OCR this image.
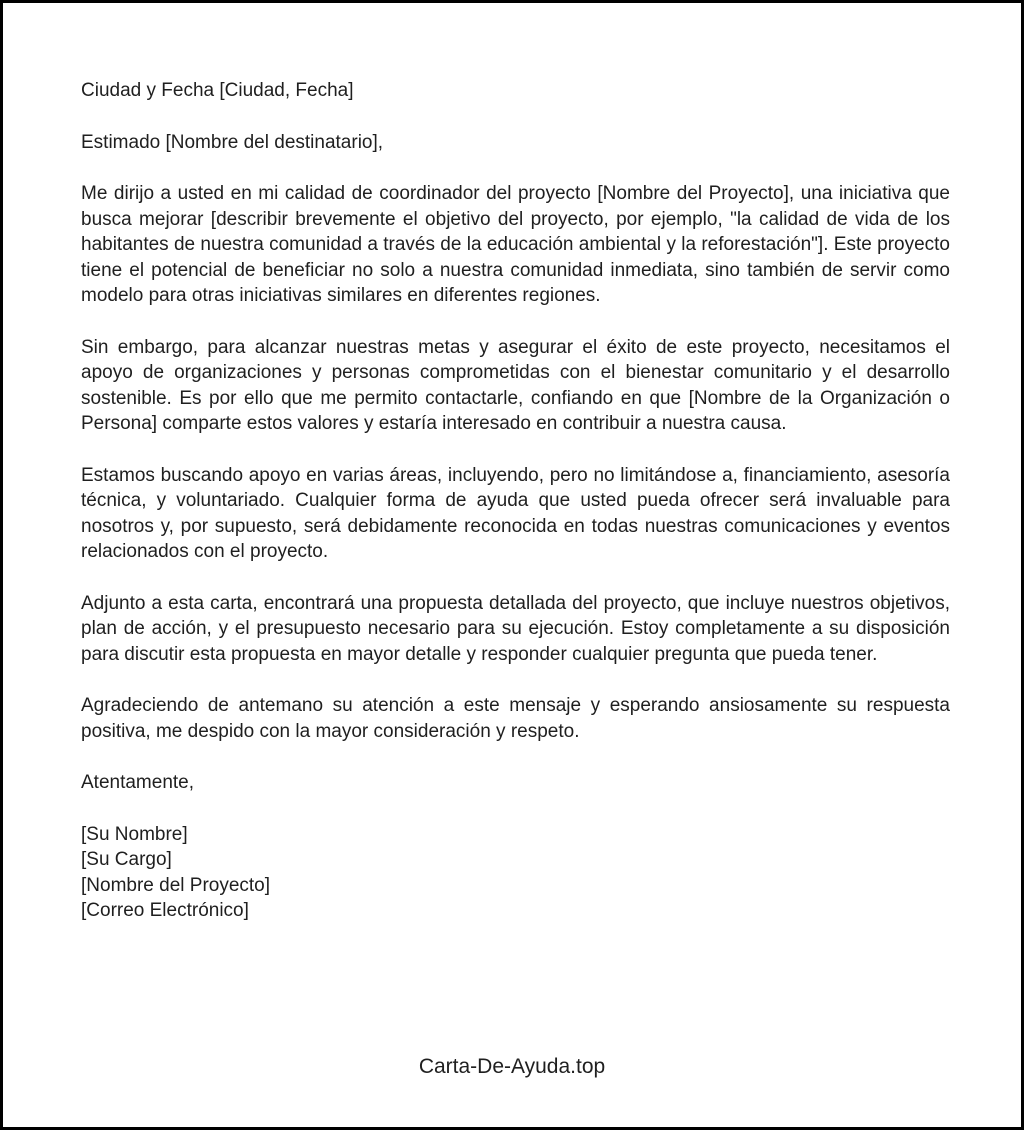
Ciudad y Fecha [Ciudad, Fecha]

Estimado [Nombre del destinatario],

Me dirijo a usted en mi calidad de coordinador del proyecto [Nombre del Proyecto], una iniciativa que busca mejorar [describir brevemente el objetivo del proyecto, por ejemplo, "la calidad de vida de los habitantes de nuestra comunidad a través de la educación ambiental y la reforestación"]. Este proyecto tiene el potencial de beneficiar no solo a nuestra comunidad inmediata, sino también de servir como modelo para otras iniciativas similares en diferentes regiones.

Sin embargo, para alcanzar nuestras metas y asegurar el éxito de este proyecto, necesitamos el apoyo de organizaciones y personas comprometidas con el bienestar comunitario y el desarrollo sostenible. Es por ello que me permito contactarle, confiando en que [Nombre de la Organización o Persona] comparte estos valores y estaría interesado en contribuir a nuestra causa.

Estamos buscando apoyo en varias áreas, incluyendo, pero no limitándose a, financiamiento, asesoría técnica, y voluntariado. Cualquier forma de ayuda que usted pueda ofrecer será invaluable para nosotros y, por supuesto, será debidamente reconocida en todas nuestras comunicaciones y eventos relacionados con el proyecto.

Adjunto a esta carta, encontrará una propuesta detallada del proyecto, que incluye nuestros objetivos, plan de acción, y el presupuesto necesario para su ejecución. Estoy completamente a su disposición para discutir esta propuesta en mayor detalle y responder cualquier pregunta que pueda tener.

Agradeciendo de antemano su atención a este mensaje y esperando ansiosamente su respuesta positiva, me despido con la mayor consideración y respeto.

Atentamente,

[Su Nombre]
[Su Cargo]
[Nombre del Proyecto]
[Correo Electrónico]
Carta-De-Ayuda.top
